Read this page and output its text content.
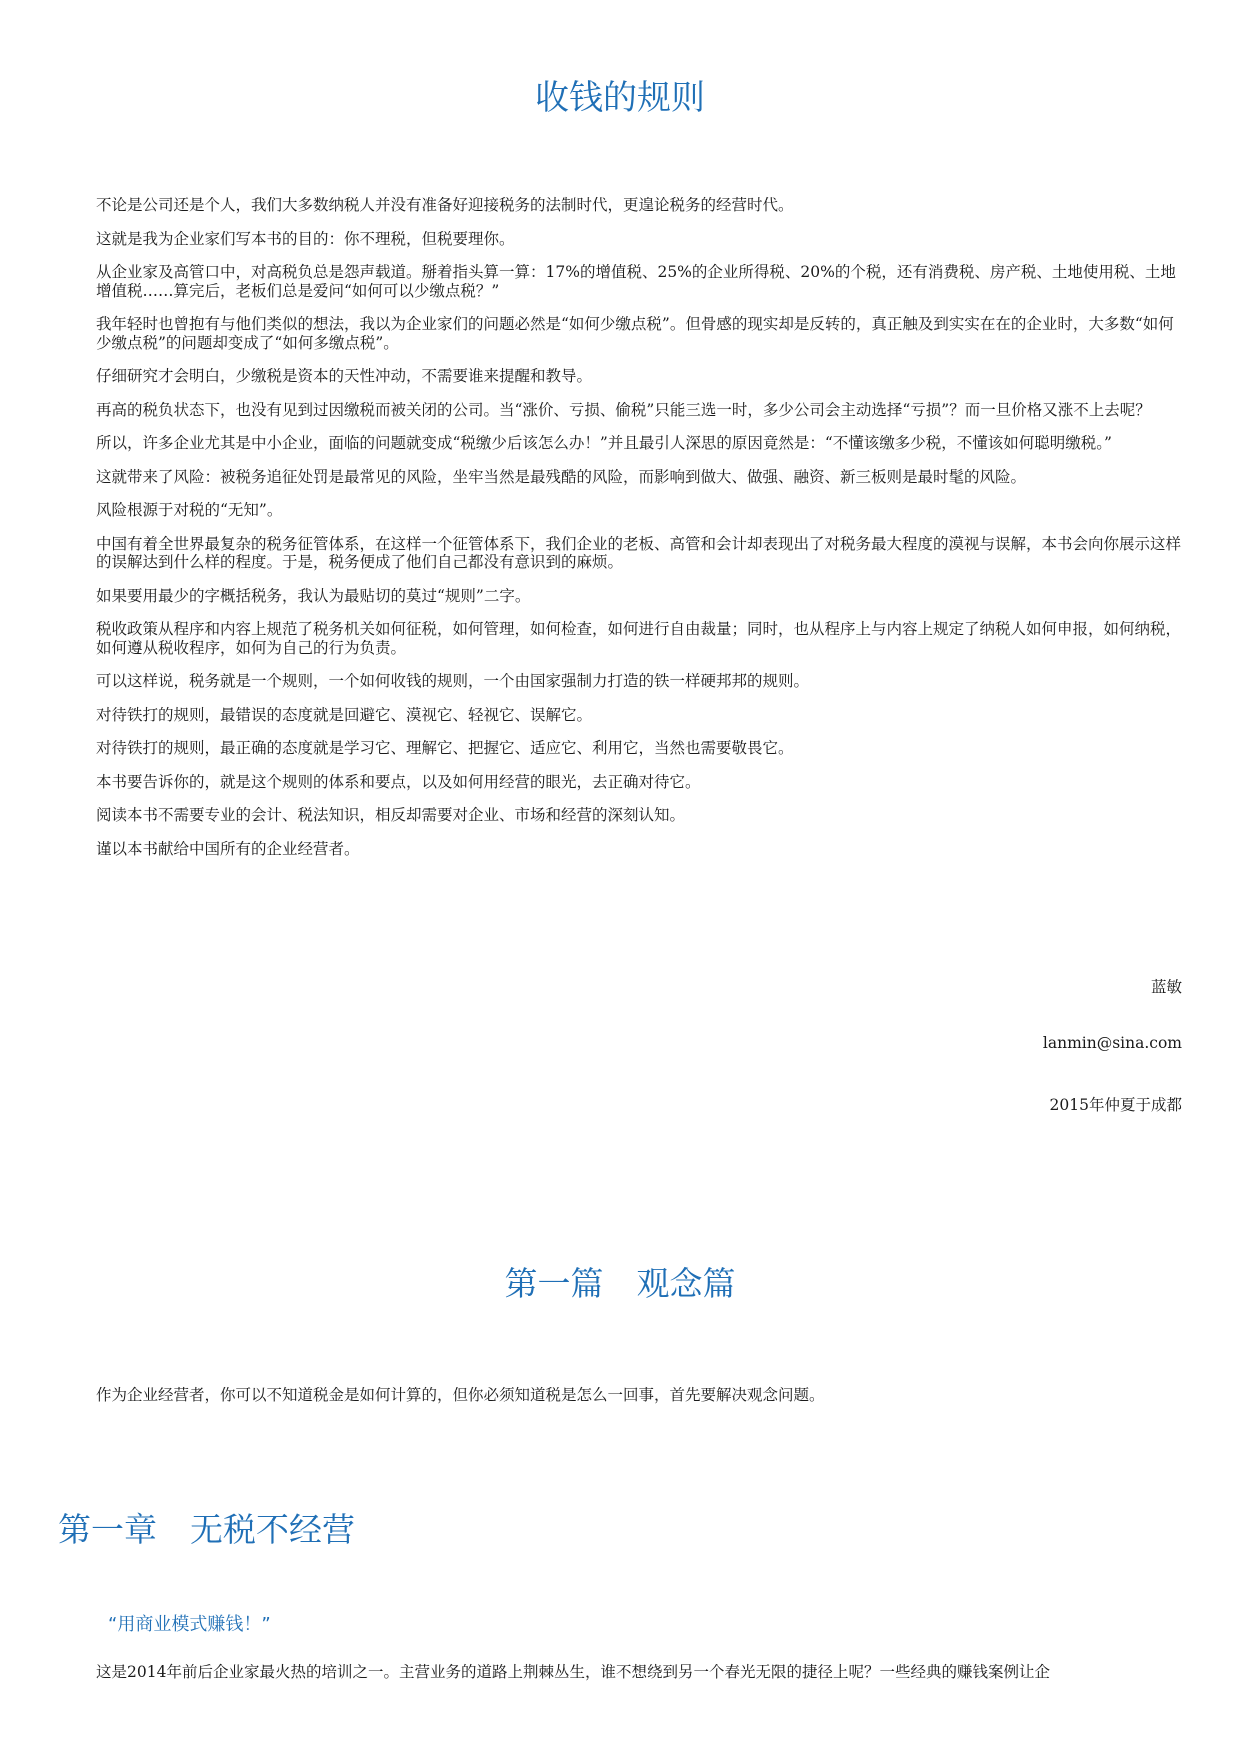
收钱的规则

不论是公司还是个人，我们大多数纳税人并没有准备好迎接税务的法制时代，更遑论税务的经营时代。

这就是我为企业家们写本书的目的：你不理税，但税要理你。

从企业家及高管口中，对高税负总是怨声载道。掰着指头算一算：17%的增值税、25%的企业所得税、20%的个税，还有消费税、房产税、土地使用税、土地增值税……算完后，老板们总是爱问“如何可以少缴点税？”

我年轻时也曾抱有与他们类似的想法，我以为企业家们的问题必然是“如何少缴点税”。但骨感的现实却是反转的，真正触及到实实在在的企业时，大多数“如何少缴点税”的问题却变成了“如何多缴点税”。

仔细研究才会明白，少缴税是资本的天性冲动，不需要谁来提醒和教导。

再高的税负状态下，也没有见到过因缴税而被关闭的公司。当“涨价、亏损、偷税”只能三选一时，多少公司会主动选择“亏损”？而一旦价格又涨不上去呢？

所以，许多企业尤其是中小企业，面临的问题就变成“税缴少后该怎么办！”并且最引人深思的原因竟然是：“不懂该缴多少税，不懂该如何聪明缴税。”

这就带来了风险：被税务追征处罚是最常见的风险，坐牢当然是最残酷的风险，而影响到做大、做强、融资、新三板则是最时髦的风险。

风险根源于对税的“无知”。

中国有着全世界最复杂的税务征管体系，在这样一个征管体系下，我们企业的老板、高管和会计却表现出了对税务最大程度的漠视与误解，本书会向你展示这样的误解达到什么样的程度。于是，税务便成了他们自己都没有意识到的麻烦。

如果要用最少的字概括税务，我认为最贴切的莫过“规则”二字。

税收政策从程序和内容上规范了税务机关如何征税，如何管理，如何检查，如何进行自由裁量；同时，也从程序上与内容上规定了纳税人如何申报，如何纳税，如何遵从税收程序，如何为自己的行为负责。

可以这样说，税务就是一个规则，一个如何收钱的规则，一个由国家强制力打造的铁一样硬邦邦的规则。

对待铁打的规则，最错误的态度就是回避它、漠视它、轻视它、误解它。

对待铁打的规则，最正确的态度就是学习它、理解它、把握它、适应它、利用它，当然也需要敬畏它。

本书要告诉你的，就是这个规则的体系和要点，以及如何用经营的眼光，去正确对待它。

阅读本书不需要专业的会计、税法知识，相反却需要对企业、市场和经营的深刻认知。

谨以本书献给中国所有的企业经营者。

蓝敏

lanmin@sina.com

2015年仲夏于成都

第一篇　观念篇

作为企业经营者，你可以不知道税金是如何计算的，但你必须知道税是怎么一回事，首先要解决观念问题。

第一章　无税不经营
“用商业模式赚钱！”

这是2014年前后企业家最火热的培训之一。主营业务的道路上荆棘丛生，谁不想绕到另一个春光无限的捷径上呢？一些经典的赚钱案例让企
